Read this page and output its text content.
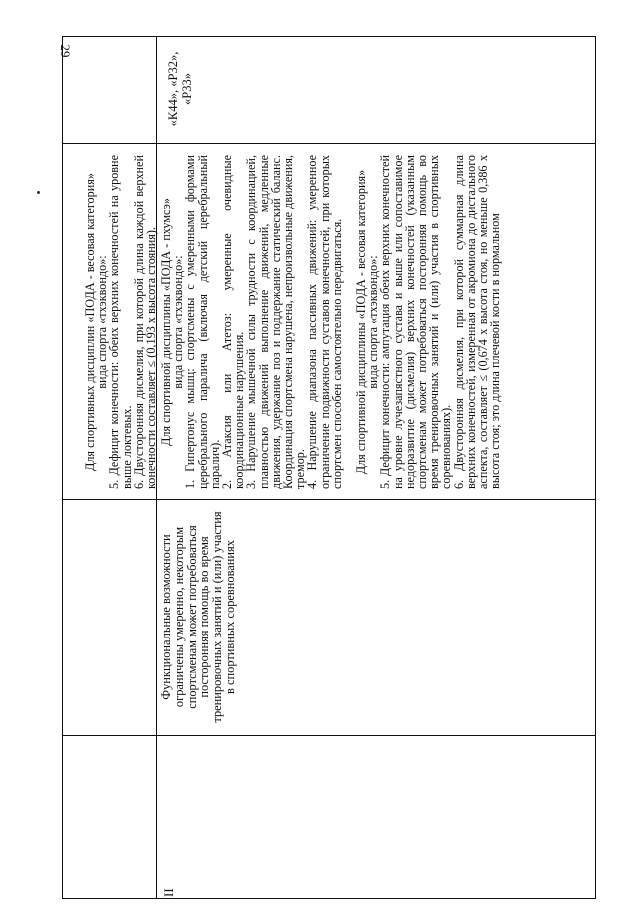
29

Для спортивных дисциплин «ПОДА - весовая категория»

вида спорта «тхэквондо»:

5. Дефицит конечности: обеих верхних конечностей на уровне выше локтевых.

6. Двусторонняя дисмелия, при которой длина каждой верхней конечности составляет ≤ (0,193 х высота стояния).

«К44», «Р32», «Р33»

Для спортивной дисциплины «ПОДА - пхумсэ»

вида спорта «тхэквондо»:

1. Гипертонус мышц: спортсмены с умеренными формами церебрального паралича (включая детский церебральный паралич).

2. Атаксия или Атетоз: умеренные очевидные координационные нарушения.

3. Нарушение мышечной силы трудности с координацией, плавностью движений выполнение движений, медленные движения, удержание поз и поддержание статический баланс. Координация спортсмена нарушена, непроизвольные движения, тремор.

4. Нарушение диапазона пассивных движений: умеренное ограничение подвижности суставов конечностей, при которых спортсмен способен самостоятельно передвигаться. Для спортивной дисциплины «ПОДА - весовая категория»

вида спорта «тхэквондо»:

5. Дефицит конечности: ампутация обеих верхних конечностей на уровне лучезапястного сустава и выше или сопоставимое недоразвитие (дисмелия) верхних конечностей (указанным спортсменам может потребоваться посторонняя помощь во время тренировочных занятий и (или) участия в спортивных соревнованиях).

6. Двусторонняя дисмелия, при которой суммарная длина верхних конечностей, измеренная от акромиона до дистального аспекта, составляет ≤ (0,674 х высота стоя, но меньше 0,386 х высота стоя; это длина плечевой кости в нормальном

Функциональные возможности ограничены умеренно, некоторым спортсменам может потребоваться посторонняя помощь во время тренировочных занятий и (или) участия в спортивных соревнованиях
II
